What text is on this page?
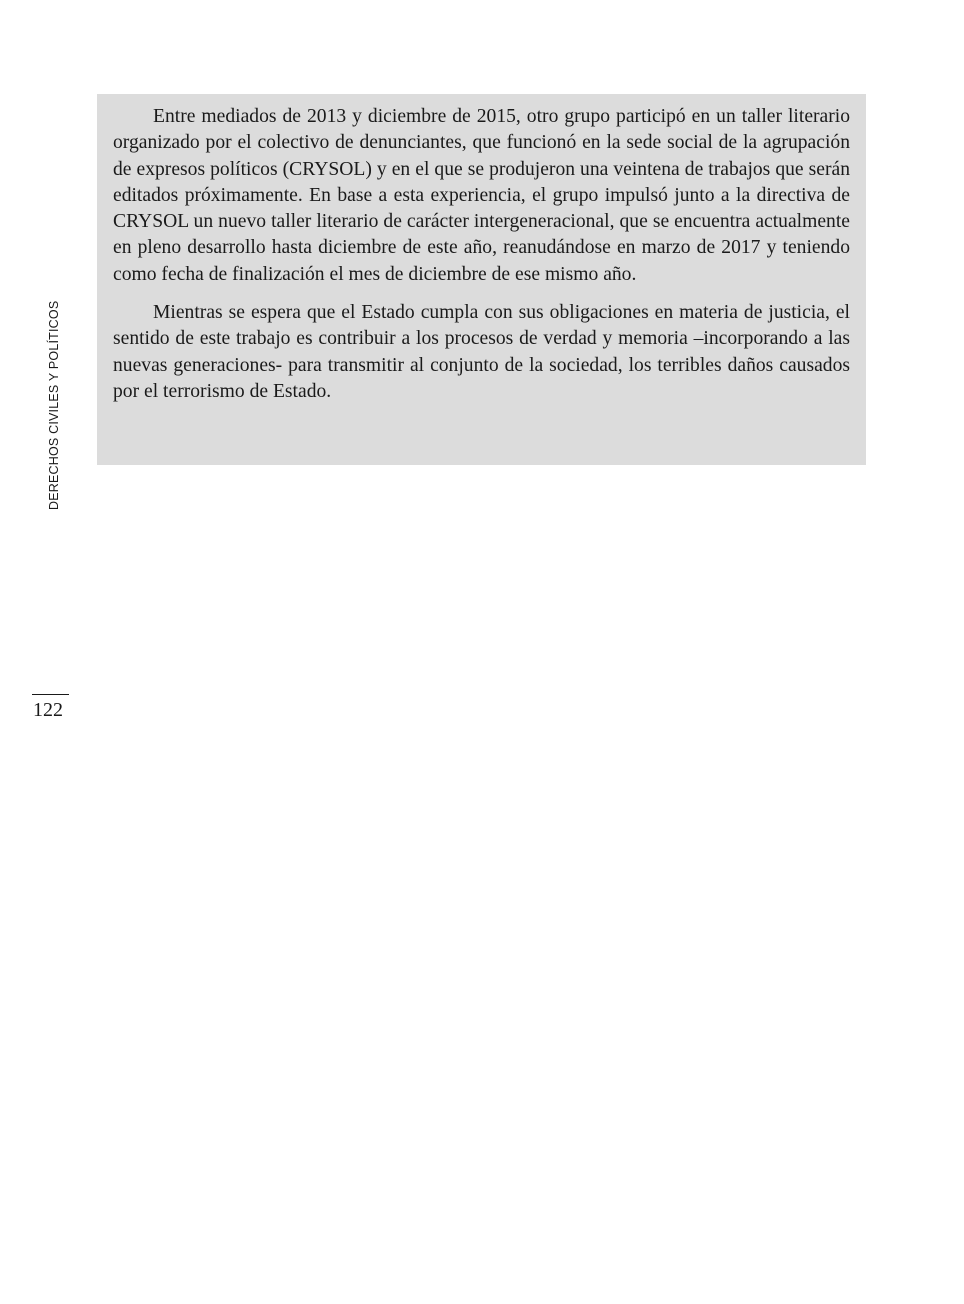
Entre mediados de 2013 y diciembre de 2015, otro grupo participó en un taller literario organizado por el colectivo de denunciantes, que funcionó en la sede social de la agrupación de expresos políticos (CRYSOL) y en el que se produjeron una veintena de trabajos que serán editados próximamente. En base a esta experiencia, el grupo impulsó junto a la directiva de CRYSOL un nuevo taller literario de carácter intergeneracional, que se encuentra actualmente en pleno desarrollo hasta diciembre de este año, reanudándose en marzo de 2017 y teniendo como fecha de finalización el mes de diciembre de ese mismo año.

Mientras se espera que el Estado cumpla con sus obligaciones en materia de justicia, el sentido de este trabajo es contribuir a los procesos de verdad y memoria –incorporando a las nuevas generaciones- para transmitir al conjunto de la sociedad, los terribles daños causados por el terrorismo de Estado.

DERECHOS CIVILES Y POLÍTICOS
122
